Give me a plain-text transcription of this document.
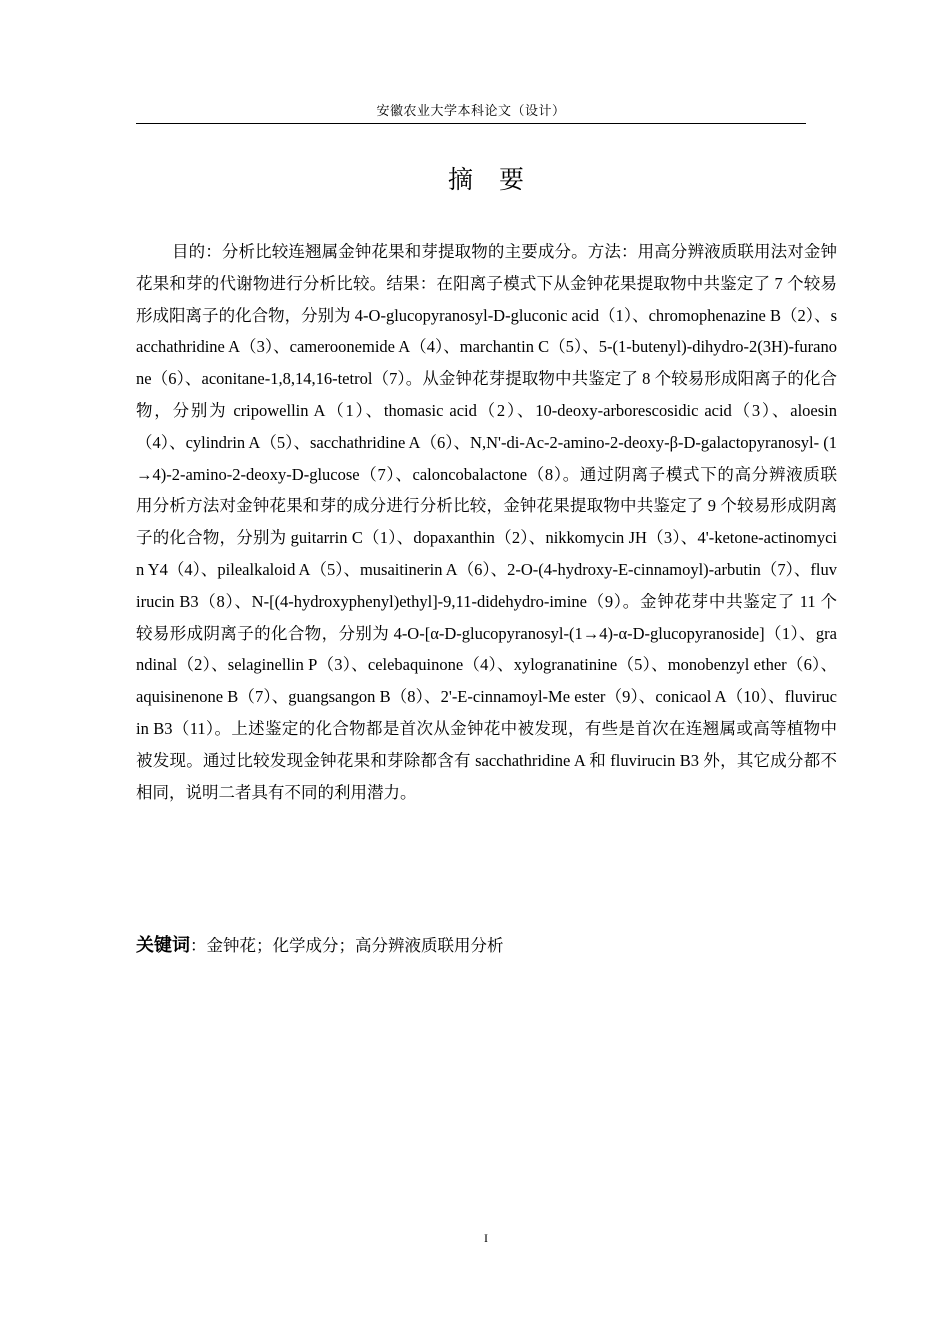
安徽农业大学本科论文（设计）
摘要

目的：分析比较连翘属金钟花果和芽提取物的主要成分。方法：用高分辨液质联用法对金钟花果和芽的代谢物进行分析比较。结果：在阳离子模式下从金钟花果提取物中共鉴定了 7 个较易形成阳离子的化合物，分别为 4-O-glucopyranosyl-D-gluconic acid（1）、chromophenazine B（2）、sacchathridine A（3）、cameroonemide A（4）、marchantin C（5）、5-(1-butenyl)-dihydro-2(3H)-furanone（6）、aconitane-1,8,14,16-tetrol（7）。从金钟花芽提取物中共鉴定了 8 个较易形成阳离子的化合物，分别为 cripowellin A（1）、thomasic acid（2）、10-deoxy-arborescosidic acid（3）、aloesin（4）、cylindrin A（5）、sacchathridine A（6）、N,N'-di-Ac-2-amino-2-deoxy-β-D-galactopyranosyl- (1→4)-2-amino-2-deoxy-D-glucose（7）、caloncobalactone（8）。通过阴离子模式下的高分辨液质联用分析方法对金钟花果和芽的成分进行分析比较，金钟花果提取物中共鉴定了 9 个较易形成阴离子的化合物，分别为 guitarrin C（1）、dopaxanthin（2）、nikkomycin JH（3）、4'-ketone-actinomycin Y4（4）、pilealkaloid A（5）、musaitinerin A（6）、2-O-(4-hydroxy-E-cinnamoyl)-arbutin（7）、fluvirucin B3（8）、N-[(4-hydroxyphenyl)ethyl]-9,11-didehydro-imine（9）。金钟花芽中共鉴定了 11 个较易形成阴离子的化合物，分别为 4-O-[α-D-glucopyranosyl-(1→4)-α-D-glucopyranoside]（1）、grandinal（2）、selaginellin P（3）、celebaquinone（4）、xylogranatinine（5）、monobenzyl ether（6）、aquisinenone B（7）、guangsangon B（8）、2'-E-cinnamoyl-Me ester（9）、conicaol A（10）、fluvirucin B3（11）。上述鉴定的化合物都是首次从金钟花中被发现，有些是首次在连翘属或高等植物中被发现。通过比较发现金钟花果和芽除都含有 sacchathridine A 和 fluvirucin B3 外，其它成分都不相同，说明二者具有不同的利用潜力。

关键词：金钟花；化学成分；高分辨液质联用分析
I
